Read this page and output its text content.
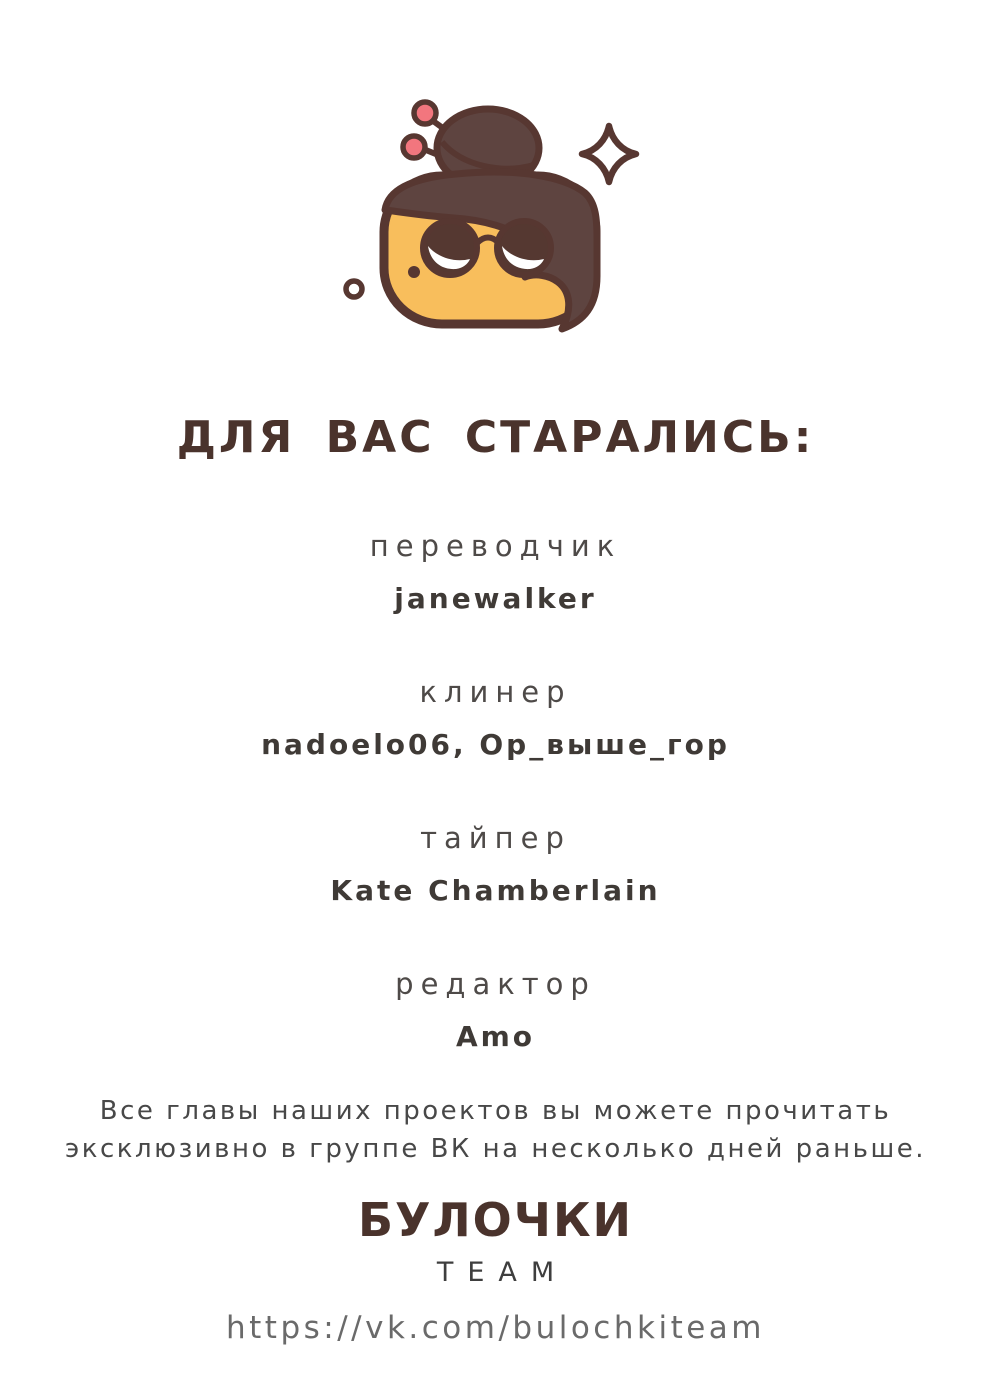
ДЛЯ ВАС СТАРАЛИСЬ:
переводчик
janewalker
клинер
nadoelo06, Ор_выше_гор
тайпер
Kate Chamberlain
редактор
Amo
Все главы наших проектов вы можете прочитать
эксклюзивно в группе ВК на несколько дней раньше.
БУЛОЧКИ
TEAM
https://vk.com/bulochkiteam
